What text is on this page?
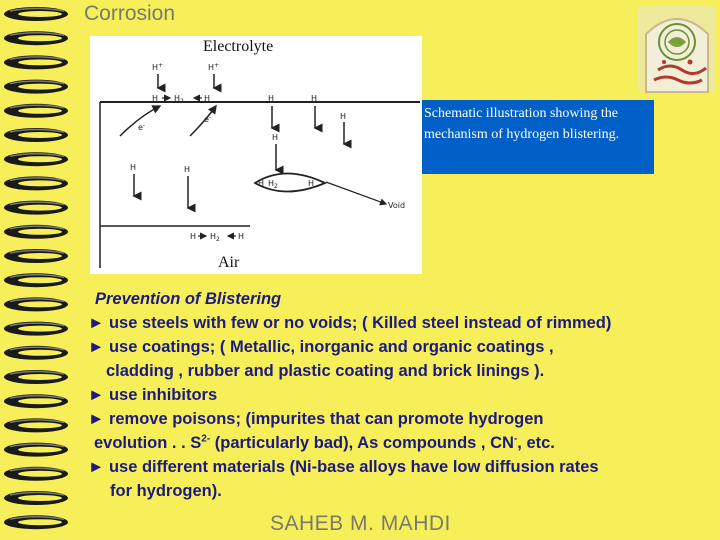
Corrosion
Electrolyte
Air
H+	H+
H $H_2$	H	H	H
H
H	H
H
H $H_2$	H
H $H_2$ H
e-
e-
Void
Schematic illustration showing the mechanism of hydrogen blistering.
Prevention of Blistering
► use steels with few or no voids; ( Killed steel instead of rimmed)
► use coatings; ( Metallic, inorganic and organic coatings ,
cladding , rubber and plastic coating and brick linings ).
► use inhibitors
► remove poisons; (impurites that can promote hydrogen
evolution . . $S^{2-}$ (particularly bad), As compounds , CN-, etc.
► use different materials (Ni-base alloys have low diffusion rates
for hydrogen).
SAHEB M. MAHDI
